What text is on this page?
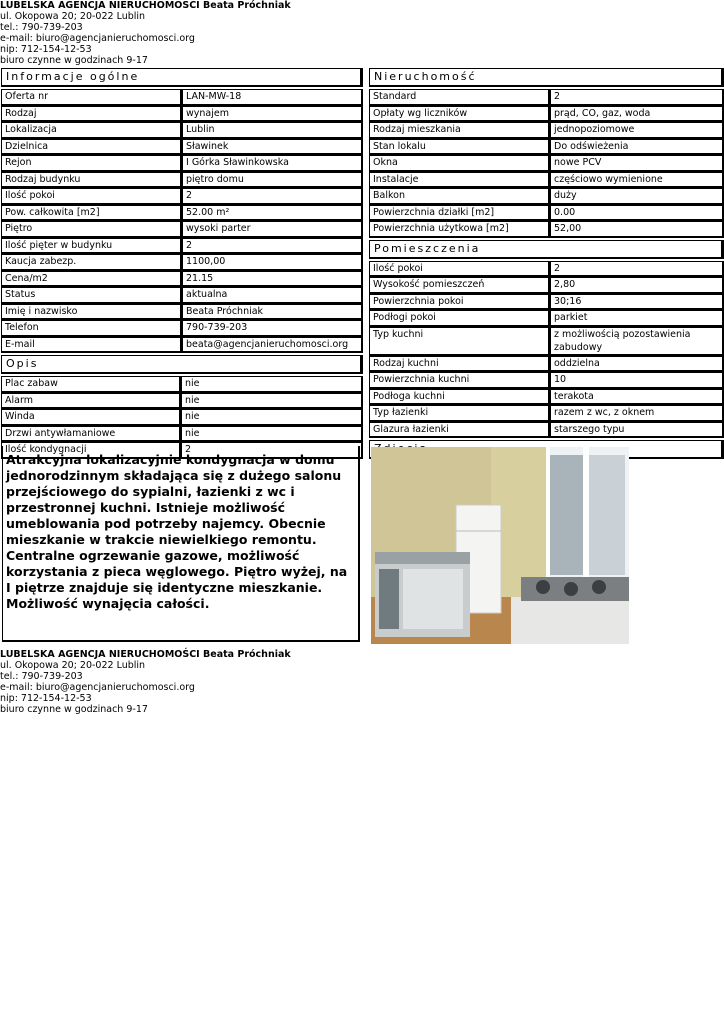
LUBELSKA AGENCJA NIERUCHOMOŚCI Beata Próchniak
ul. Okopowa 20; 20-022 Lublin
tel.: 790-739-203
e-mail: biuro@agencjanieruchomosci.org
nip: 712-154-12-53
biuro czynne w godzinach 9-17
Informacje ogólne
Oferta nr	LAN-MW-18
Rodzaj	wynajem
Lokalizacja	Lublin
Dzielnica	Sławinek
Rejon	I Górka Sławinkowska
Rodzaj budynku	piętro domu
Ilość pokoi	2
Pow. całkowita [m2]	52.00 m²
Piętro	wysoki parter
Ilość pięter w budynku	2
Kaucja zabezp.	1100,00
Cena/m2	21.15
Status	aktualna
Imię i nazwisko	Beata Próchniak
Telefon	790-739-203
E-mail	beata@agencjanieruchomosci.org
Opis
Plac zabaw	nie
Alarm	nie
Winda	nie
Drzwi antywłamaniowe	nie
Ilość kondygnacji	2
Atrakcyjna lokalizacyjnie kondygnacja w domu jednorodzinnym składająca się z dużego salonu przejściowego do sypialni, łazienki z wc i przestronnej kuchni. Istnieje możliwość umeblowania pod potrzeby najemcy. Obecnie mieszkanie w trakcie niewielkiego remontu. Centralne ogrzewanie gazowe, możliwość korzystania z pieca węglowego. Piętro wyżej, na I piętrze znajduje się identyczne mieszkanie. Możliwość wynajęcia całości.
Nieruchomość
Standard	2
Opłaty wg liczników	prąd, CO, gaz, woda
Rodzaj mieszkania	jednopoziomowe
Stan lokalu	Do odświeżenia
Okna	nowe PCV
Instalacje	częściowo wymienione
Balkon	duży
Powierzchnia działki [m2]	0.00
Powierzchnia użytkowa [m2]	52,00
Pomieszczenia
Ilość pokoi	2
Wysokość pomieszczeń	2,80
Powierzchnia pokoi	30;16
Podłogi pokoi	parkiet
Typ kuchni	z możliwością pozostawienia zabudowy
Rodzaj kuchni	oddzielna
Powierzchnia kuchni	10
Podłoga kuchni	terakota
Typ łazienki	razem z wc, z oknem
Glazura łazienki	starszego typu
LUBELSKA AGENCJA NIERUCHOMOŚCI Beata Próchniak
ul. Okopowa 20; 20-022 Lublin
tel.: 790-739-203
e-mail: biuro@agencjanieruchomosci.org
nip: 712-154-12-53
biuro czynne w godzinach 9-17
